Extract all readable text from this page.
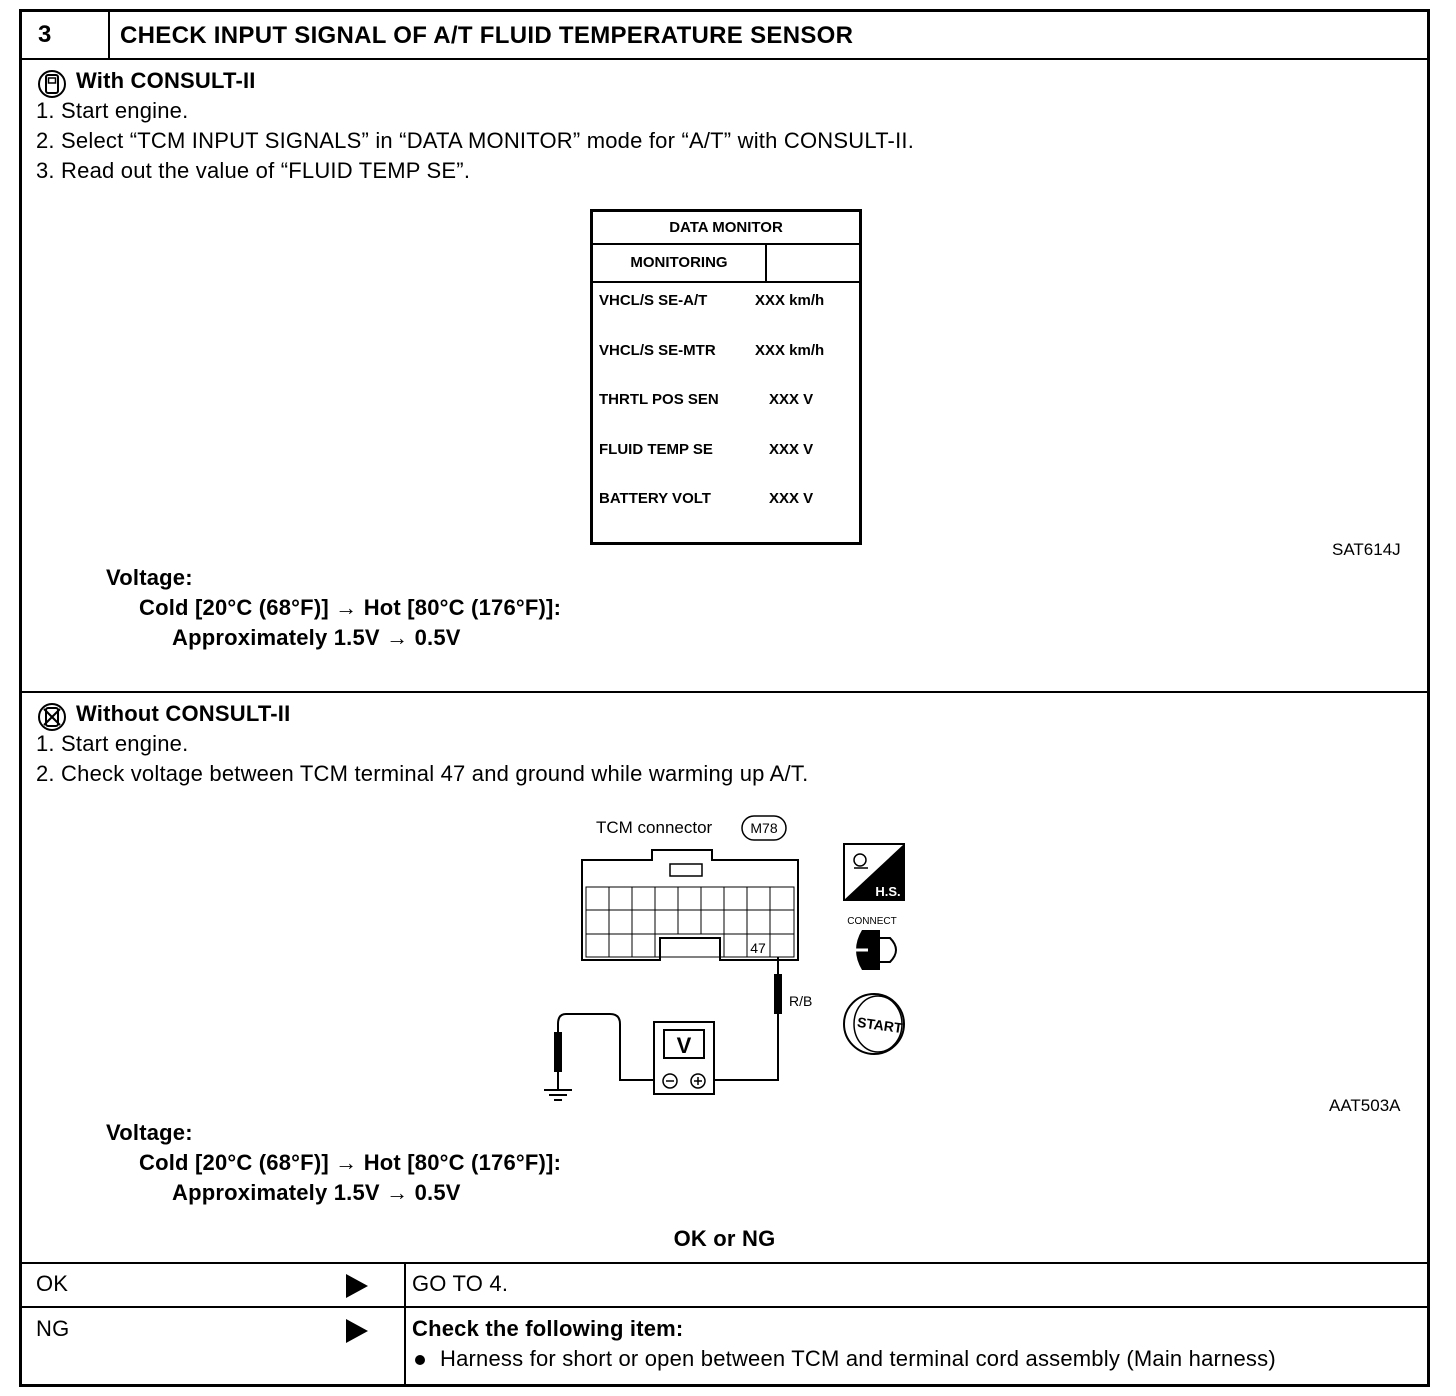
3	CHECK INPUT SIGNAL OF A/T FLUID TEMPERATURE SENSOR
With CONSULT-II
1. Start engine.
2. Select “TCM INPUT SIGNALS” in “DATA MONITOR” mode for “A/T” with CONSULT-II.
3. Read out the value of “FLUID TEMP SE”.
DATA MONITOR
MONITORING
VHCL/S SE-A/T	XXX km/h
VHCL/S SE-MTR	XXX km/h
THRTL POS SEN	XXX V
FLUID TEMP SE	XXX V
BATTERY VOLT	XXX V
SAT614J
Voltage:
Cold [20°C (68°F)] → Hot [80°C (176°F)]:
Approximately 1.5V → 0.5V
Without CONSULT-II
1. Start engine.
2. Check voltage between TCM terminal 47 and ground while warming up A/T.
TCM connector	M78
47
R/B
V
H.S.
CONNECT
START
AAT503A
Voltage:
Cold [20°C (68°F)] → Hot [80°C (176°F)]:
Approximately 1.5V → 0.5V
OK or NG
OK	GO TO 4.
NG	Check the following item:
Harness for short or open between TCM and terminal cord assembly (Main harness)
